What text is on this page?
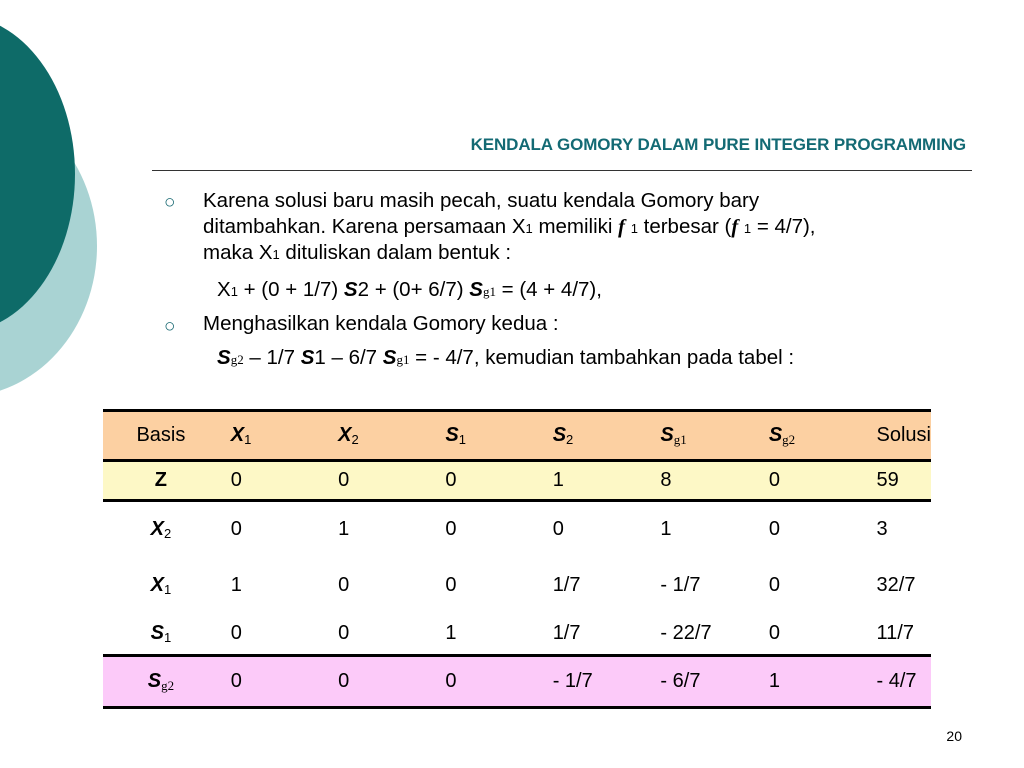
KENDALA GOMORY DALAM PURE INTEGER PROGRAMMING
○ Karena solusi baru masih pecah, suatu kendala Gomory bary
ditambahkan. Karena persamaan X1 memiliki f 1 terbesar (f 1 = 4/7),
maka X1 dituliskan dalam bentuk :
X1 + (0 + 1/7) S2 + (0+ 6/7) Sg1 = (4 + 4/7),
○ Menghasilkan kendala Gomory kedua :
Sg2 – 1/7 S1 – 6/7 Sg1 = - 4/7, kemudian tambahkan pada tabel :
Basis	X1	X2	S1	S2	Sg1	Sg2	Solusi
Z	0	0	0	1	8	0	59
X2	0	1	0	0	1	0	3
X1	1	0	0	1/7	- 1/7	0	32/7
S1	0	0	1	1/7	- 22/7	0	11/7
Sg2	0	0	0	- 1/7	- 6/7	1	- 4/7
20
